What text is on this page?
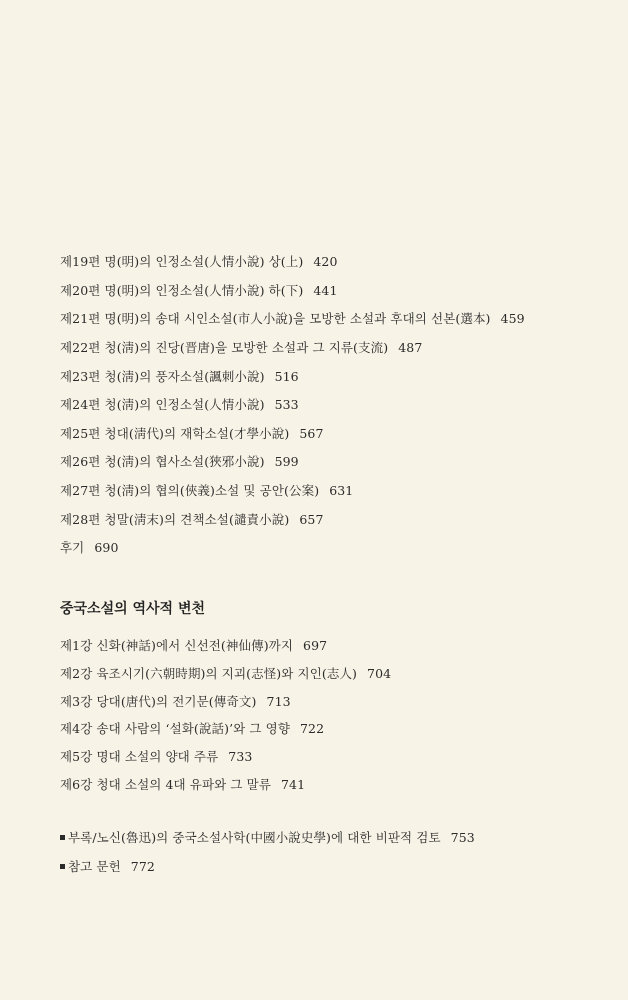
제19편 명(明)의 인정소설(人情小說) 상(上) 420
제20편 명(明)의 인정소설(人情小說) 하(下) 441
제21편 명(明)의 송대 시인소설(市人小說)을 모방한 소설과 후대의 선본(選本) 459
제22편 청(淸)의 진당(晋唐)을 모방한 소설과 그 지류(支流) 487
제23편 청(淸)의 풍자소설(諷刺小說) 516
제24편 청(淸)의 인정소설(人情小說) 533
제25편 청대(淸代)의 재학소설(才學小說) 567
제26편 청(淸)의 협사소설(狹邪小說) 599
제27편 청(淸)의 협의(俠義)소설 및 공안(公案) 631
제28편 청말(淸末)의 견책소설(譴責小說) 657
후기 690
중국소설의 역사적 변천
제1강 신화(神話)에서 신선전(神仙傳)까지 697
제2강 육조시기(六朝時期)의 지괴(志怪)와 지인(志人) 704
제3강 당대(唐代)의 전기문(傳奇文) 713
제4강 송대 사람의 ‘설화(說話)’와 그 영향 722
제5강 명대 소설의 양대 주류 733
제6강 청대 소설의 4대 유파와 그 말류 741
부록/노신(魯迅)의 중국소설사학(中國小說史學)에 대한 비판적 검토 753
참고 문헌 772
